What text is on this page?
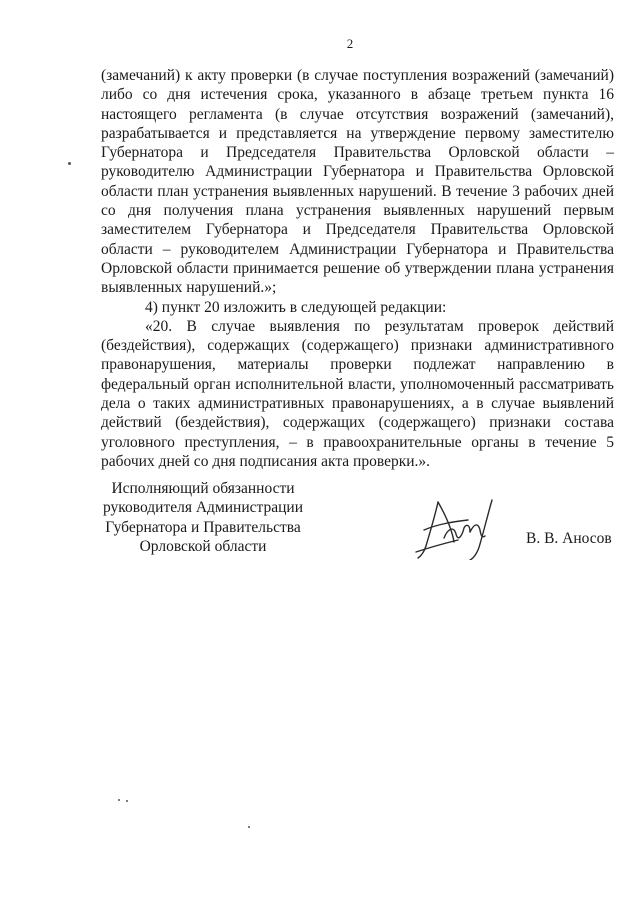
2

(замечаний) к акту проверки (в случае поступления возражений (замечаний) либо со дня истечения срока, указанного в абзаце третьем пункта 16 настоящего регламента (в случае отсутствия возражений (замечаний), разрабатывается и представляется на утверждение первому заместителю Губернатора и Председателя Правительства Орловской области – руководителю Администрации Губернатора и Правительства Орловской области план устранения выявленных нарушений. В течение 3 рабочих дней со дня получения плана устранения выявленных нарушений первым заместителем Губернатора и Председателя Правительства Орловской области – руководителем Администрации Губернатора и Правительства Орловской области принимается решение об утверждении плана устранения выявленных нарушений.»;

4) пункт 20 изложить в следующей редакции:

«20. В случае выявления по результатам проверок действий (бездействия), содержащих (содержащего) признаки административного правонарушения, материалы проверки подлежат направлению в федеральный орган исполнительной власти, уполномоченный рассматривать дела о таких административных правонарушениях, а в случае выявлений действий (бездействия), содержащих (содержащего) признаки состава уголовного преступления, – в правоохранительные органы в течение 5 рабочих дней со дня подписания акта проверки.».

Исполняющий обязанности
руководителя Администрации
Губернатора и Правительства
Орловской области	В. В. Аносов
